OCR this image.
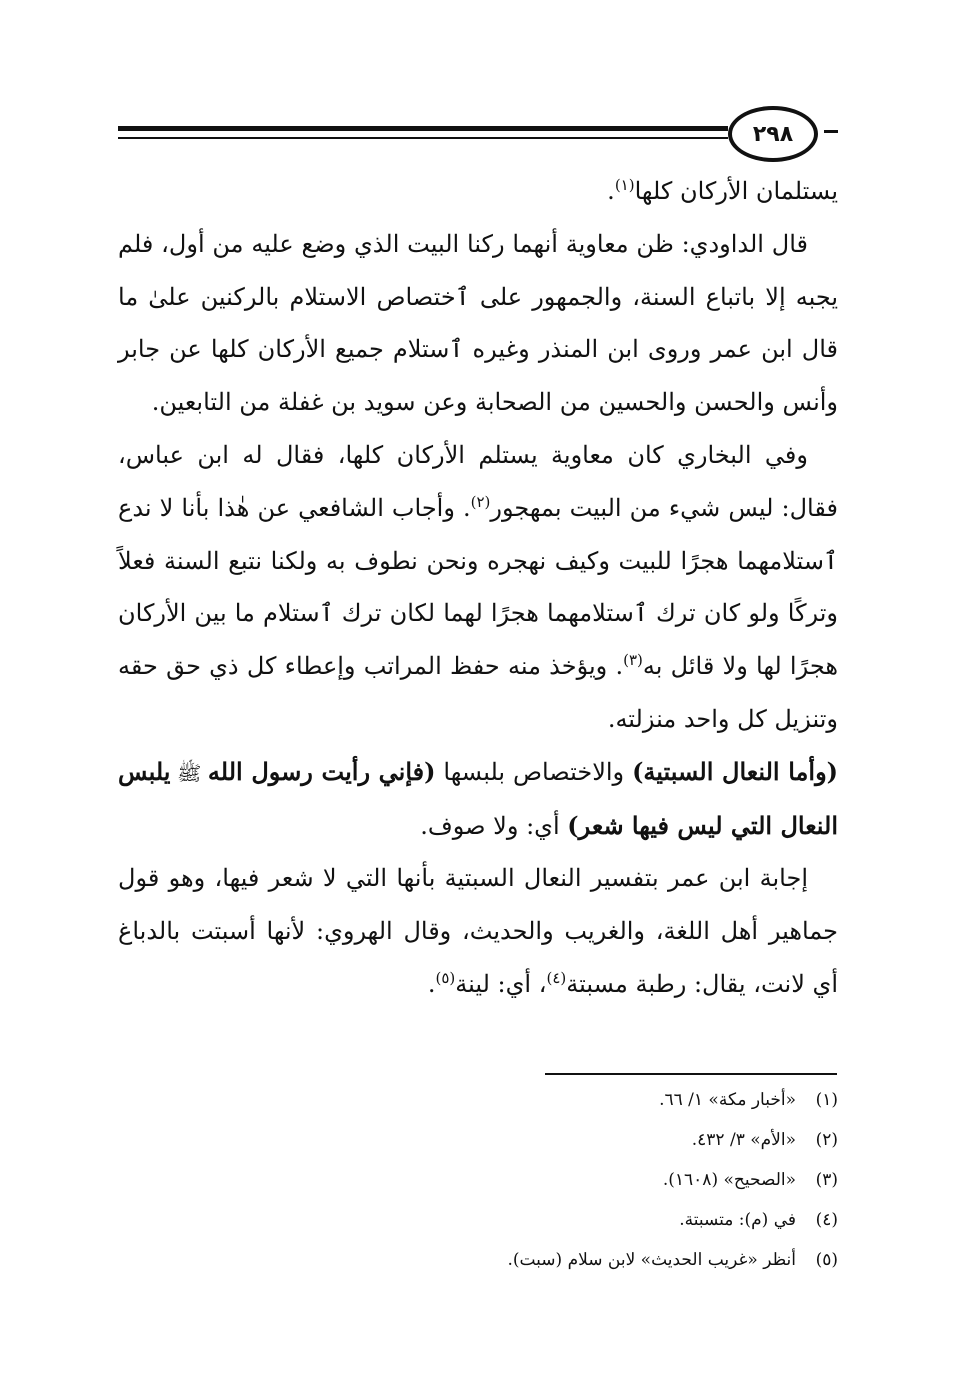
٢٩٨

يستلمان الأركان كلها$^{(١)}$.

قال الداودي: ظن معاوية أنهما ركنا البيت الذي وضع عليه من أول، فلم يجبه إلا باتباع السنة، والجمهور على ٱختصاص الاستلام بالركنين علىٰ ما قال ابن عمر وروى ابن المنذر وغيره ٱستلام جميع الأركان كلها عن جابر وأنس والحسن والحسين من الصحابة وعن سويد بن غفلة من التابعين.

وفي البخاري كان معاوية يستلم الأركان كلها، فقال له ابن عباس، فقال: ليس شيء من البيت بمهجور$^{(٢)}$. وأجاب الشافعي عن هٰذا بأنا لا ندع ٱستلامهما هجرًا للبيت وكيف نهجره ونحن نطوف به ولكنا نتبع السنة فعلاً وتركًا ولو كان ترك ٱستلامهما هجرًا لهما لكان ترك ٱستلام ما بين الأركان هجرًا لها ولا قائل به$^{(٣)}$. ويؤخذ منه حفظ المراتب وإعطاء كل ذي حق حقه وتنزيل كل واحد منزلته.

(وأما النعال السبتية) والاختصاص بلبسها (فإني رأيت رسول الله ﷺ يلبس النعال التي ليس فيها شعر) أي: ولا صوف.

إجابة ابن عمر بتفسير النعال السبتية بأنها التي لا شعر فيها، وهو قول جماهير أهل اللغة، والغريب والحديث، وقال الهروي: لأنها أسبتت بالدباغ أي لانت، يقال: رطبة مسبتة$^{(٤)}$، أي: لينة$^{(٥)}$.

(١)
«أخبار مكة» ١/ ٦٦.
(٢)
«الأم» ٣/ ٤٣٢.
(٣)
«الصحيح» (١٦٠٨).
(٤)
في (م): متسبتة.
(٥)
أنظر «غريب الحديث» لابن سلام (سبت).
